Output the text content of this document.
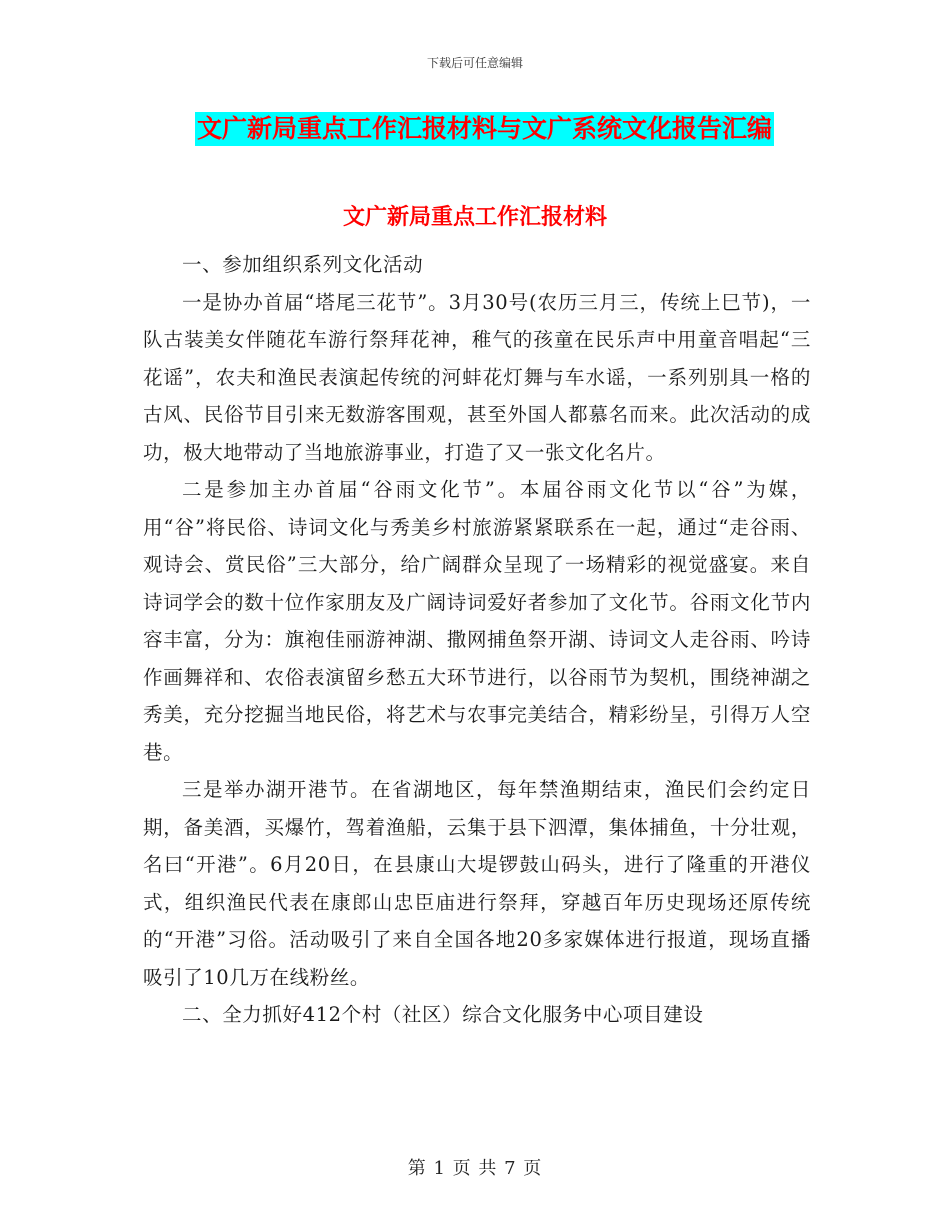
下载后可任意编辑
文广新局重点工作汇报材料与文广系统文化报告汇编
文广新局重点工作汇报材料

一、参加组织系列文化活动

一是协办首届“塔尾三花节”。3月30号(农历三月三，传统上巳节)，一队古装美女伴随花车游行祭拜花神，稚气的孩童在民乐声中用童音唱起“三花谣”，农夫和渔民表演起传统的河蚌花灯舞与车水谣，一系列别具一格的古风、民俗节目引来无数游客围观，甚至外国人都慕名而来。此次活动的成功，极大地带动了当地旅游事业，打造了又一张文化名片。

二是参加主办首届“谷雨文化节”。本届谷雨文化节以“谷”为媒，用“谷”将民俗、诗词文化与秀美乡村旅游紧紧联系在一起，通过“走谷雨、观诗会、赏民俗”三大部分，给广阔群众呈现了一场精彩的视觉盛宴。来自诗词学会的数十位作家朋友及广阔诗词爱好者参加了文化节。谷雨文化节内容丰富，分为：旗袍佳丽游神湖、撒网捕鱼祭开湖、诗词文人走谷雨、吟诗作画舞祥和、农俗表演留乡愁五大环节进行，以谷雨节为契机，围绕神湖之秀美，充分挖掘当地民俗，将艺术与农事完美结合，精彩纷呈，引得万人空巷。

三是举办湖开港节。在省湖地区，每年禁渔期结束，渔民们会约定日期，备美酒，买爆竹，驾着渔船，云集于县下泗潭，集体捕鱼，十分壮观，名曰“开港”。6月20日，在县康山大堤锣鼓山码头，进行了隆重的开港仪式，组织渔民代表在康郎山忠臣庙进行祭拜，穿越百年历史现场还原传统的“开港”习俗。活动吸引了来自全国各地20多家媒体进行报道，现场直播吸引了10几万在线粉丝。

二、全力抓好412个村（社区）综合文化服务中心项目建设

第 1 页 共 7 页
